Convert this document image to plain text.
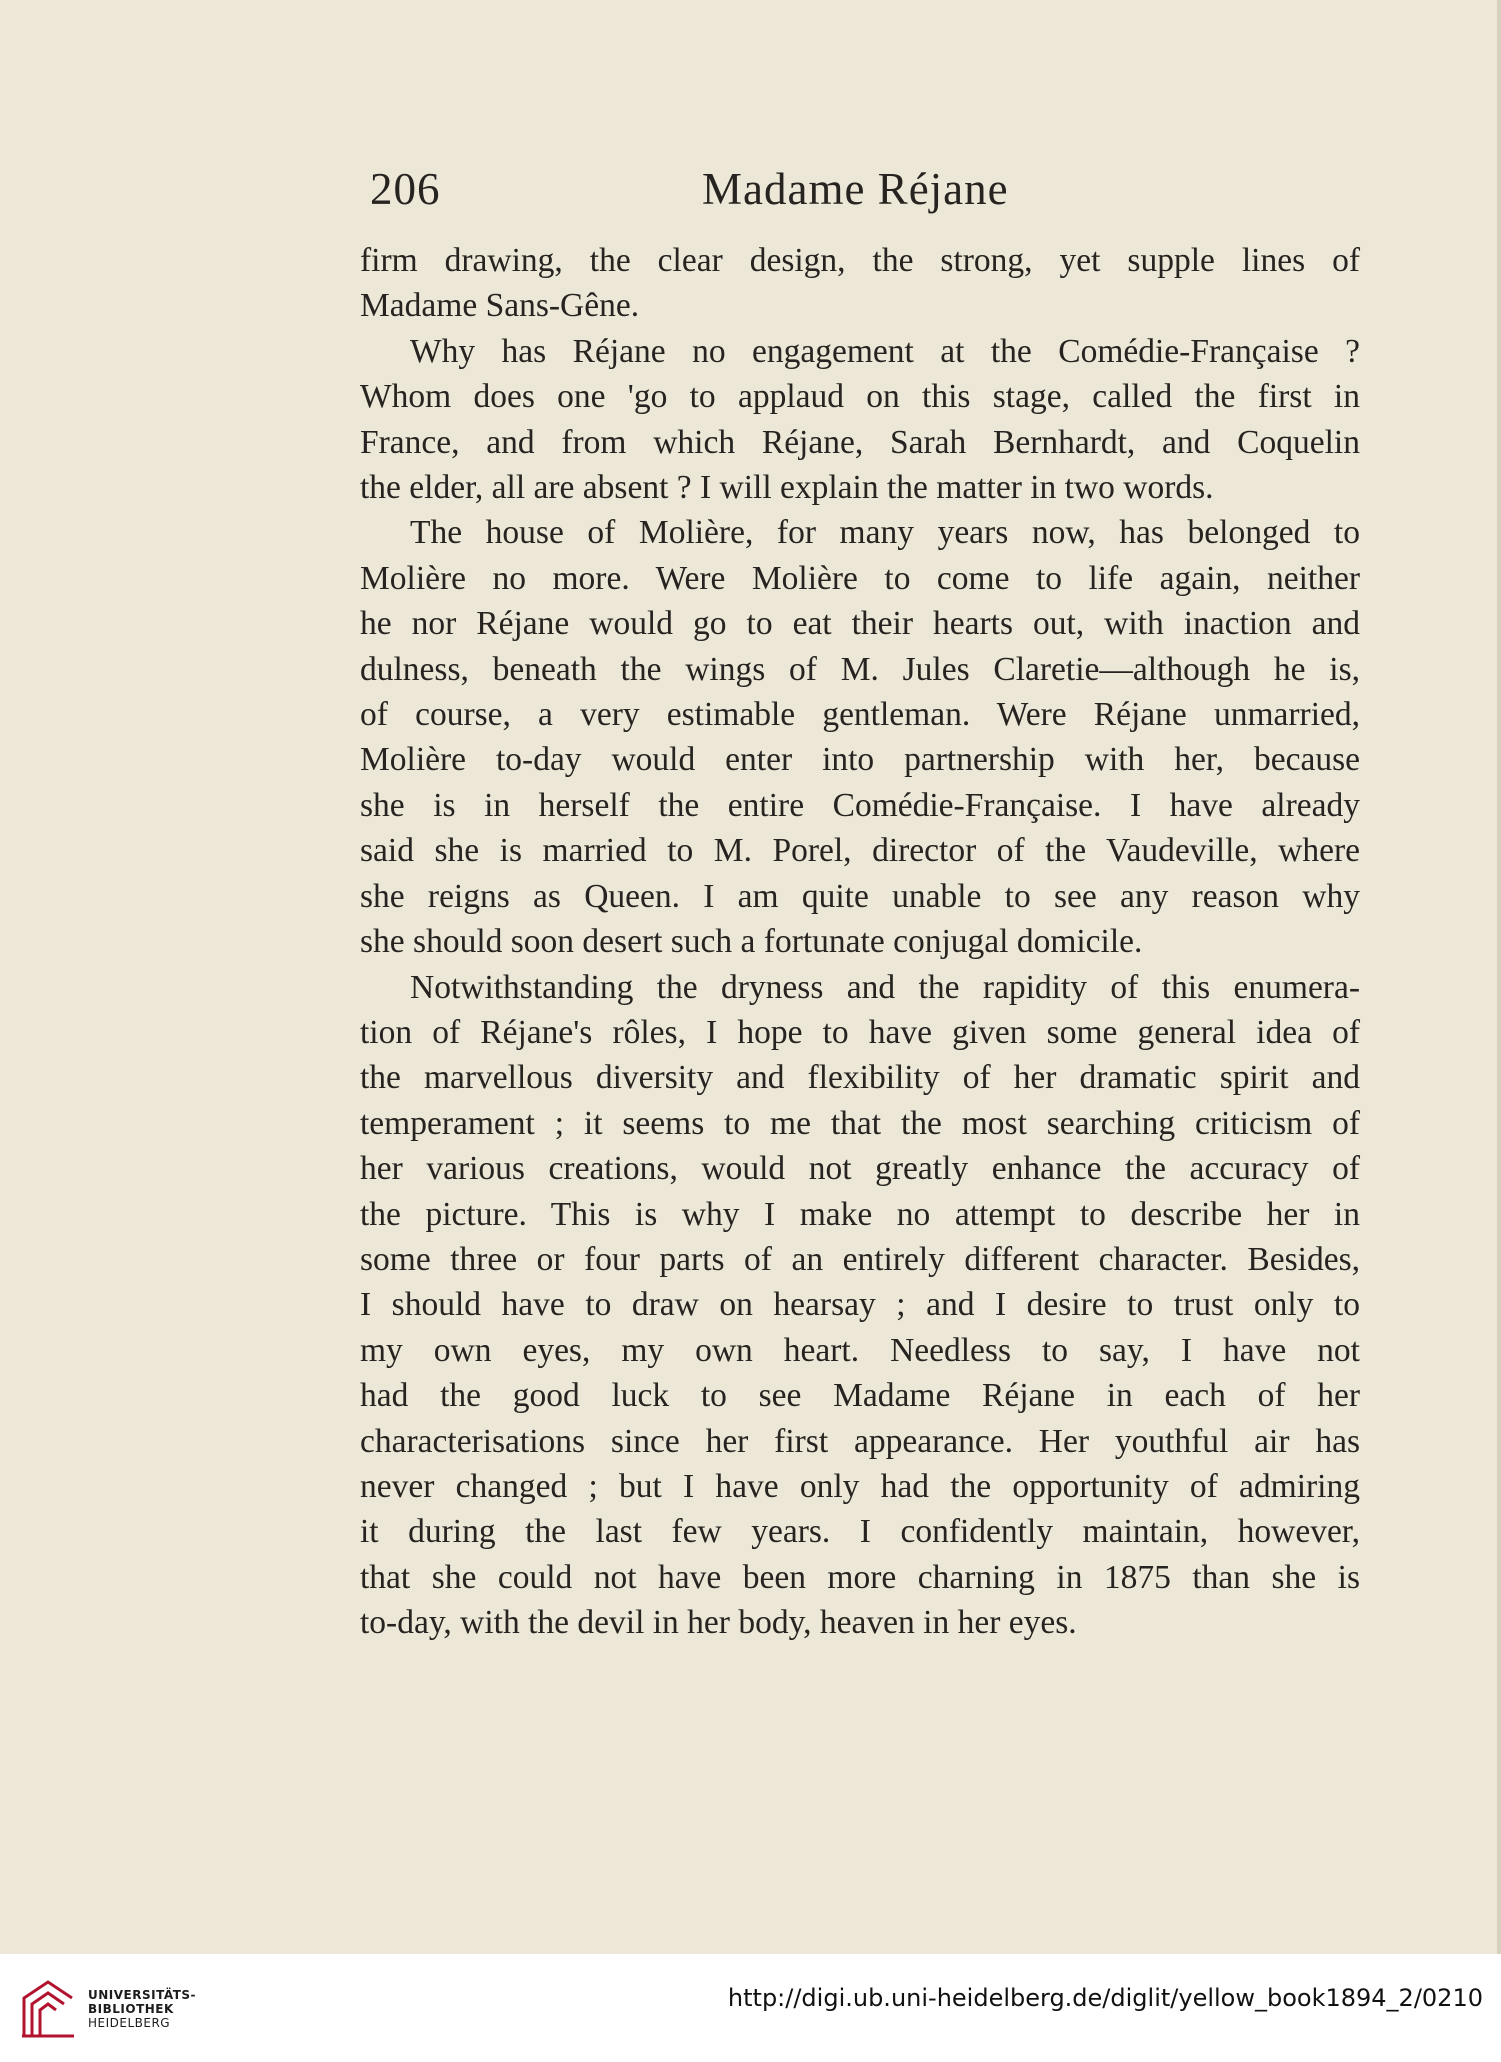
206	Madame Réjane

firm drawing, the clear design, the strong, yet supple lines of

Madame Sans-Gêne.

Why has Réjane no engagement at the Comédie-Française ?

Whom does one 'go to applaud on this stage, called the first in

France, and from which Réjane, Sarah Bernhardt, and Coquelin

the elder, all are absent ? I will explain the matter in two words.

The house of Molière, for many years now, has belonged to

Molière no more. Were Molière to come to life again, neither

he nor Réjane would go to eat their hearts out, with inaction and

dulness, beneath the wings of M. Jules Claretie—although he is,

of course, a very estimable gentleman. Were Réjane unmarried,

Molière to-day would enter into partnership with her, because

she is in herself the entire Comédie-Française. I have already

said she is married to M. Porel, director of the Vaudeville, where

she reigns as Queen. I am quite unable to see any reason why

she should soon desert such a fortunate conjugal domicile.

Notwithstanding the dryness and the rapidity of this enumera-

tion of Réjane's rôles, I hope to have given some general idea of

the marvellous diversity and flexibility of her dramatic spirit and

temperament ; it seems to me that the most searching criticism of

her various creations, would not greatly enhance the accuracy of

the picture. This is why I make no attempt to describe her in

some three or four parts of an entirely different character. Besides,

I should have to draw on hearsay ; and I desire to trust only to

my own eyes, my own heart. Needless to say, I have not

had the good luck to see Madame Réjane in each of her

characterisations since her first appearance. Her youthful air has

never changed ; but I have only had the opportunity of admiring

it during the last few years. I confidently maintain, however,

that she could not have been more charning in 1875 than she is

to-day, with the devil in her body, heaven in her eyes.

UNIVERSITÄTS-
BIBLIOTHEK
HEIDELBERG
http://digi.ub.uni-heidelberg.de/diglit/yellow_book1894_2/0210
